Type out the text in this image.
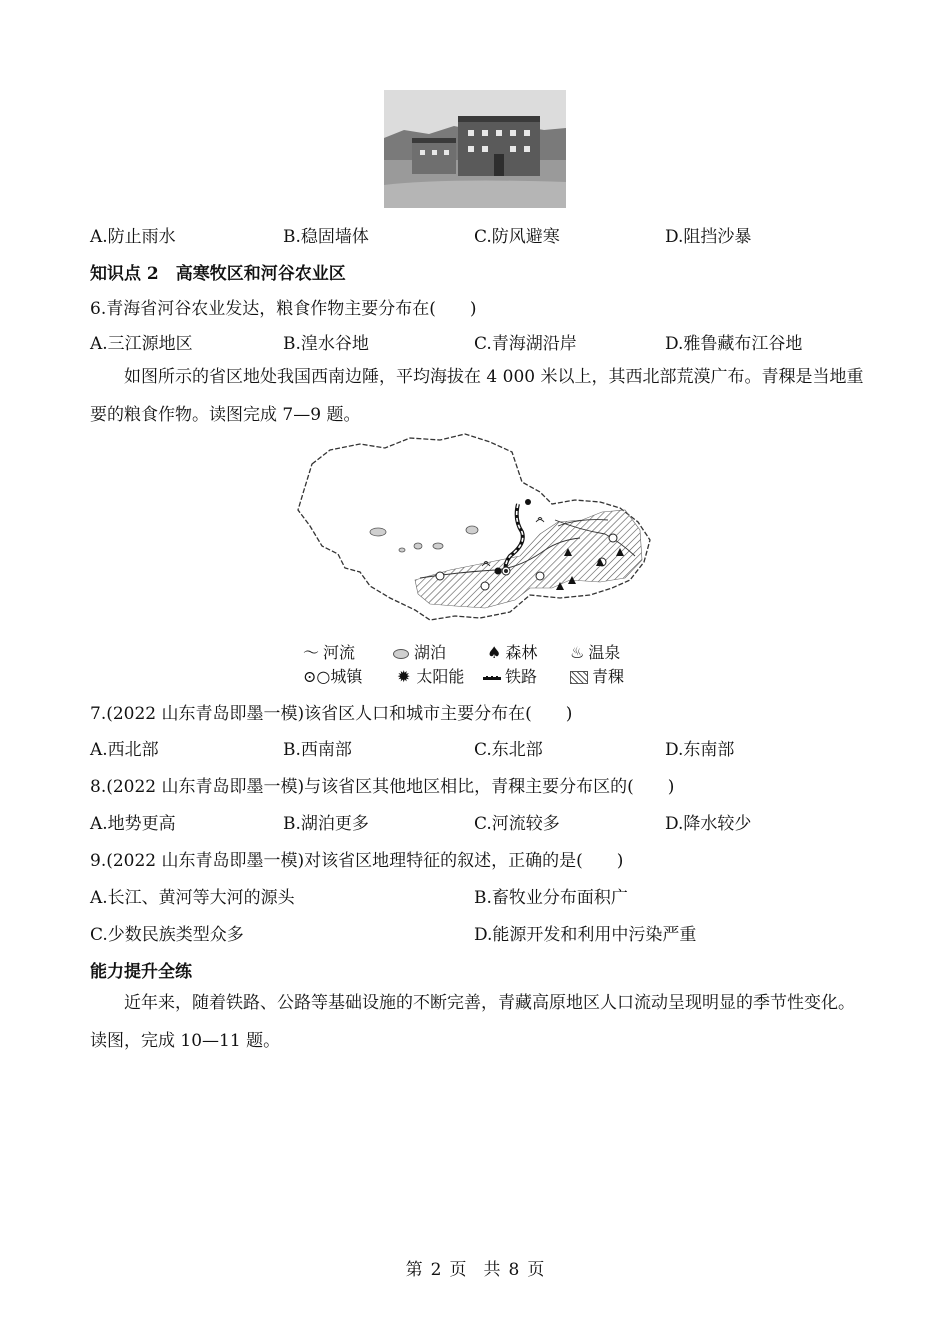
A.防止雨水	B.稳固墙体	C.防风避寒	D.阻挡沙暴
知识点 2　高寒牧区和河谷农业区
6.青海省河谷农业发达，粮食作物主要分布在(　　)
A.三江源地区	B.湟水谷地	C.青海湖沿岸	D.雅鲁藏布江谷地
如图所示的省区地处我国西南边陲，平均海拔在 4 000 米以上，其西北部荒漠广布。青稞是当地重要的粮食作物。读图完成 7—9 题。
〜 河流	湖泊	♠ 森林 ♨ 温泉
⊙○城镇 ✹ 太阳能	铁路	青稞
7.(2022 山东青岛即墨一模)该省区人口和城市主要分布在(　　)
A.西北部	B.西南部	C.东北部	D.东南部
8.(2022 山东青岛即墨一模)与该省区其他地区相比，青稞主要分布区的(　　)
A.地势更高	B.湖泊更多	C.河流较多	D.降水较少
9.(2022 山东青岛即墨一模)对该省区地理特征的叙述，正确的是(　　)
A.长江、黄河等大河的源头	B.畜牧业分布面积广
C.少数民族类型众多	D.能源开发和利用中污染严重
能力提升全练
近年来，随着铁路、公路等基础设施的不断完善，青藏高原地区人口流动呈现明显的季节性变化。读图，完成 10—11 题。
第 2 页　共 8 页
